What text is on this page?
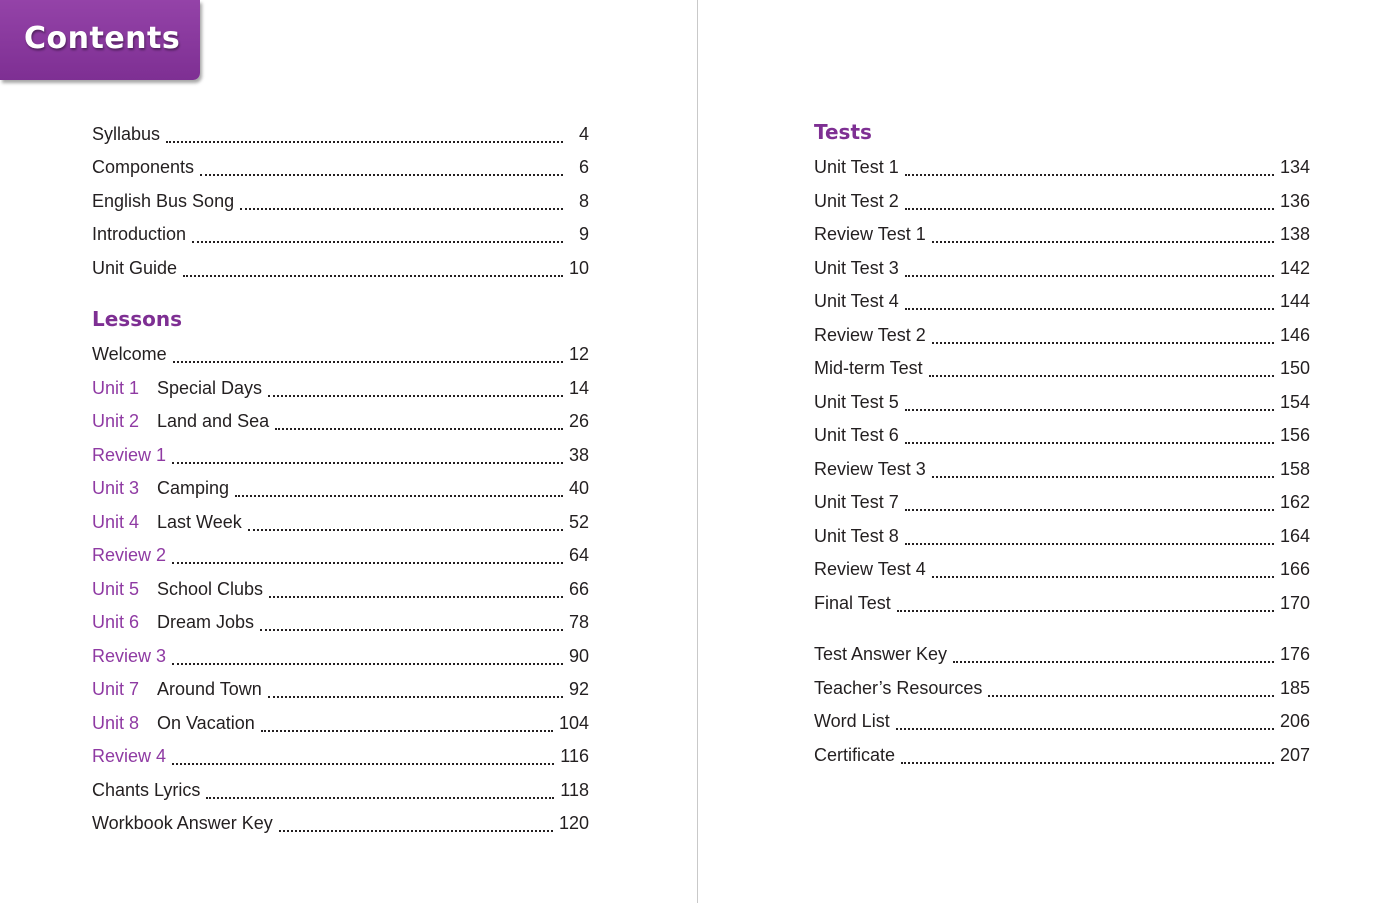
Contents
Lessons
Syllabus	4
Components	6
English Bus Song	8
Introduction	9
Unit Guide	10
Welcome	12
Unit 1 Special Days	14
Unit 2 Land and Sea	26
Review 1	38
Unit 3 Camping	40
Unit 4 Last Week	52
Review 2	64
Unit 5 School Clubs	66
Unit 6 Dream Jobs	78
Review 3	90
Unit 7 Around Town	92
Unit 8 On Vacation	104
Review 4	116
Chants Lyrics	118
Workbook Answer Key	120
Tests
Unit Test 1	134
Unit Test 2	136
Review Test 1	138
Unit Test 3	142
Unit Test 4	144
Review Test 2	146
Mid-term Test	150
Unit Test 5	154
Unit Test 6	156
Review Test 3	158
Unit Test 7	162
Unit Test 8	164
Review Test 4	166
Final Test	170
Test Answer Key	176
Teacher’s Resources	185
Word List	206
Certificate	207
